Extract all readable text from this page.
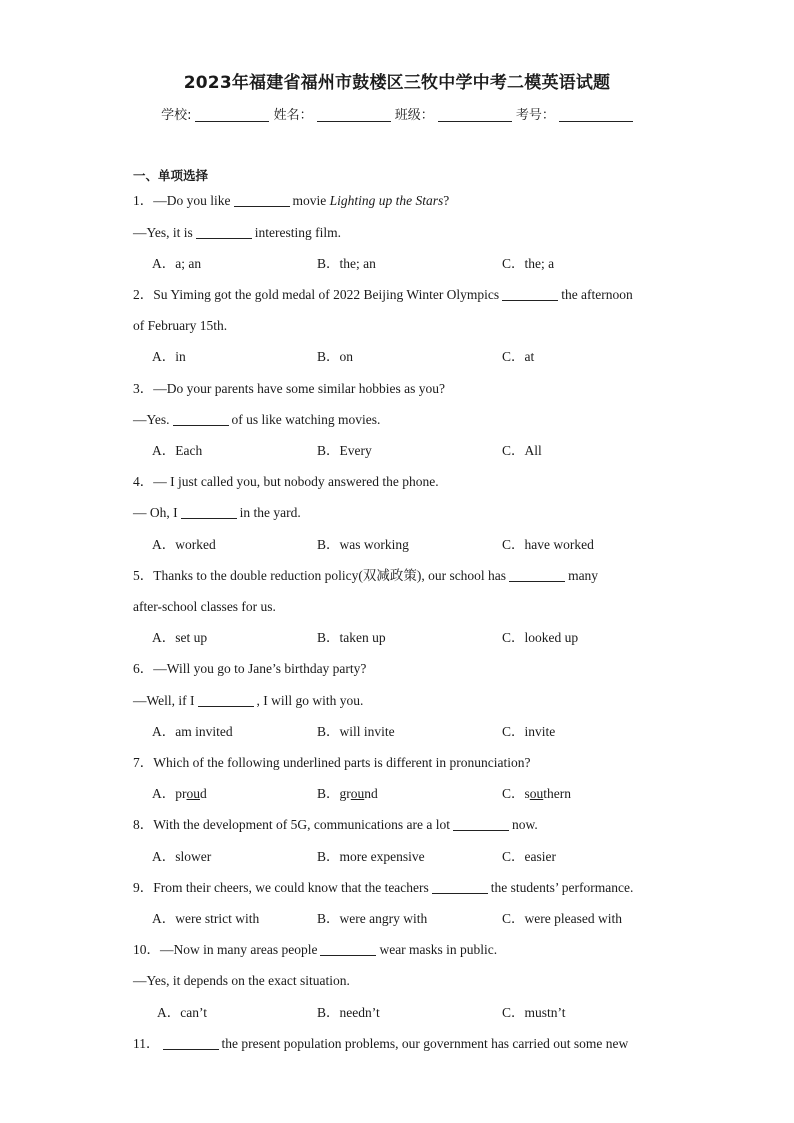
2023年福建省福州市鼓楼区三牧中学中考二模英语试题
学校:	姓名：	班级：	考号：
一、单项选择
1．—Do you like	movie Lighting up the Stars?
—Yes, it is	interesting film.
A．a; an	B．the; an	C．the; a
2．Su Yiming got the gold medal of 2022 Beijing Winter Olympics	the afternoon
of February 15th.
A．in	B．on	C．at
3．—Do your parents have some similar hobbies as you?
—Yes.	of us like watching movies.
A．Each	B．Every	C．All
4．— I just called you, but nobody answered the phone.
— Oh, I	in the yard.
A．worked	B．was working	C．have worked
5．Thanks to the double reduction policy(双减政策), our school has	many
after-school classes for us.
A．set up	B．taken up	C．looked up
6．—Will you go to Jane’s birthday party?
—Well, if I	, I will go with you.
A．am invited	B．will invite	C．invite
7．Which of the following underlined parts is different in pronunciation?
A．proud	B．ground	C．southern
8．With the development of 5G, communications are a lot	now.
A．slower	B．more expensive	C．easier
9．From their cheers, we could know that the teachers	the students’ performance.
A．were strict with	B．were angry with	C．were pleased with
10．—Now in many areas people	wear masks in public.
—Yes, it depends on the exact situation.
A．can’t	B．needn’t	C．mustn’t
11．	the present population problems, our government has carried out some new
